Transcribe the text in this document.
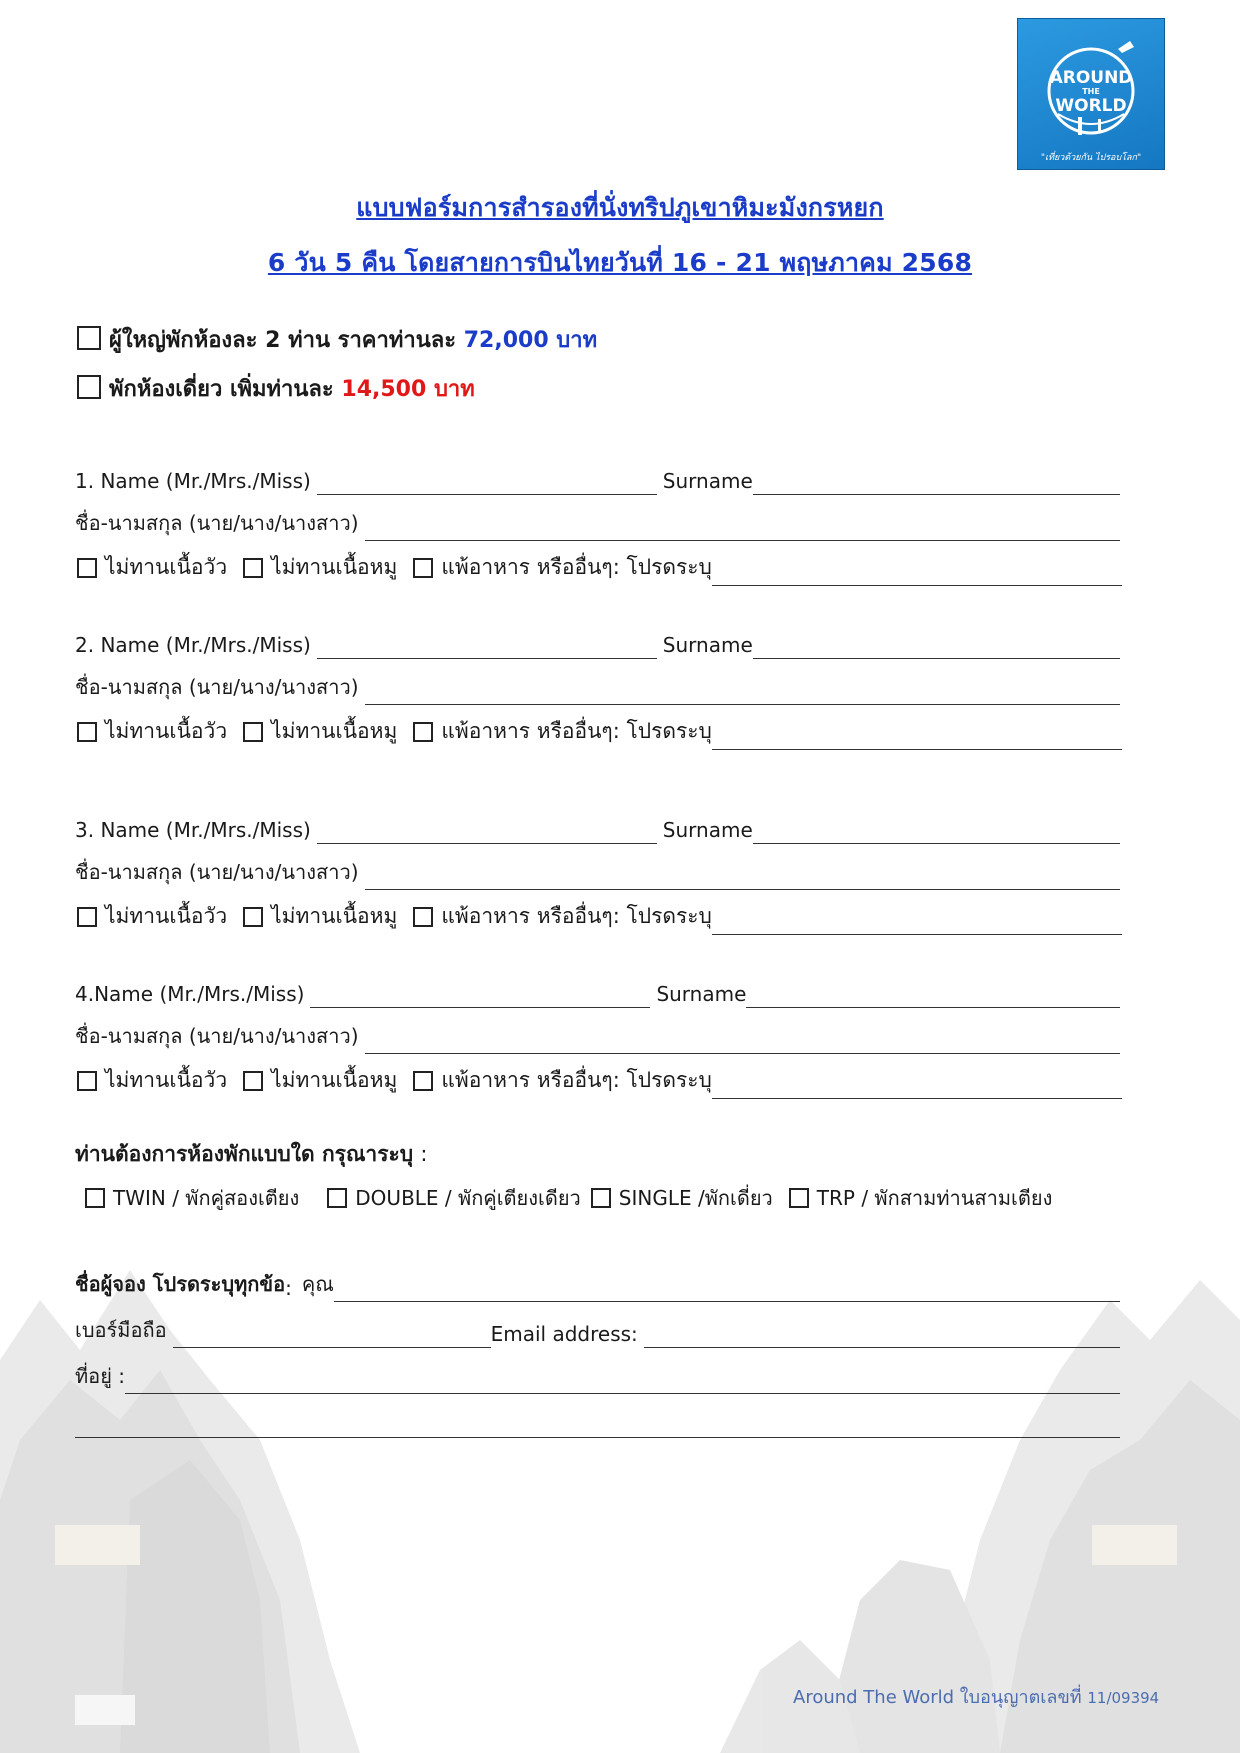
AROUND
THE
WORLD
"เที่ยวด้วยกัน ไปรอบโลก"
แบบฟอร์มการสำรองที่นั่งทริปภูเขาหิมะมังกรหยก
6 วัน 5 คืน โดยสายการบินไทยวันที่ 16 - 21 พฤษภาคม 2568
ผู้ใหญ่พักห้องละ 2 ท่าน ราคาท่านละ 72,000 บาท
พักห้องเดี่ยว เพิ่มท่านละ 14,500 บาท
1. Name (Mr./Mrs./Miss)	Surname
ชื่อ-นามสกุล (นาย/นาง/นางสาว)
ไม่ทานเนื้อวัว ไม่ทานเนื้อหมู แพ้อาหาร หรืออื่นๆ: โปรดระบุ
2. Name (Mr./Mrs./Miss)	Surname
ชื่อ-นามสกุล (นาย/นาง/นางสาว)
ไม่ทานเนื้อวัว ไม่ทานเนื้อหมู แพ้อาหาร หรืออื่นๆ: โปรดระบุ
3. Name (Mr./Mrs./Miss)	Surname
ชื่อ-นามสกุล (นาย/นาง/นางสาว)
ไม่ทานเนื้อวัว ไม่ทานเนื้อหมู แพ้อาหาร หรืออื่นๆ: โปรดระบุ
4.Name (Mr./Mrs./Miss)	Surname
ชื่อ-นามสกุล (นาย/นาง/นางสาว)
ไม่ทานเนื้อวัว ไม่ทานเนื้อหมู แพ้อาหาร หรืออื่นๆ: โปรดระบุ
ท่านต้องการห้องพักแบบใด กรุณาระบุ :
TWIN / พักคู่สองเตียง	DOUBLE / พักคู่เตียงเดียว SINGLE /พักเดี่ยว TRP / พักสามท่านสามเตียง
ชื่อผู้จอง โปรดระบุทุกข้อ : คุณ
เบอร์มือถือ	Email address:
ที่อยู่ :
Around The World ใบอนุญาตเลขที่ 11/09394
